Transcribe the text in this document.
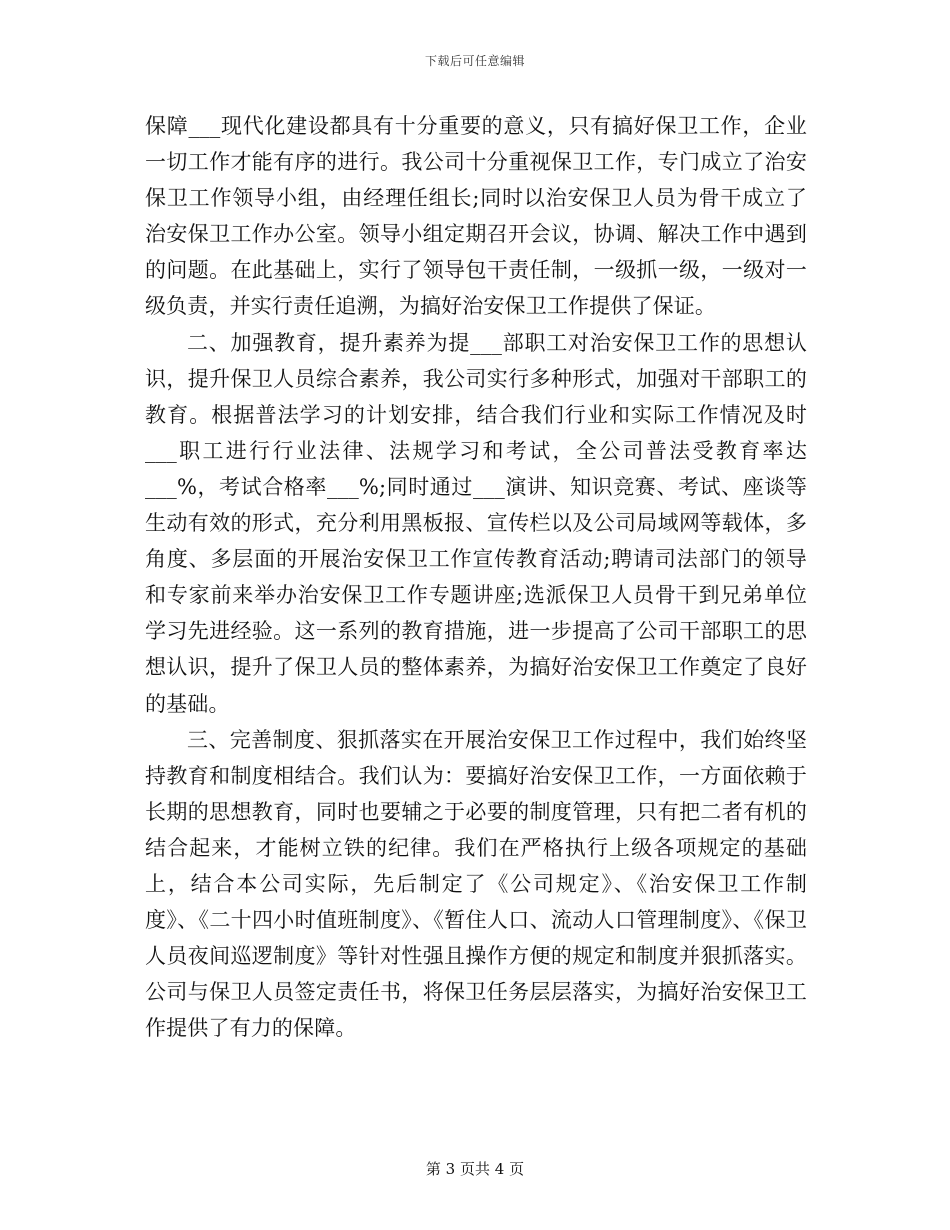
下载后可任意编辑

保障___现代化建设都具有十分重要的意义，只有搞好保卫工作，企业一切工作才能有序的进行。我公司十分重视保卫工作，专门成立了治安保卫工作领导小组，由经理任组长;同时以治安保卫人员为骨干成立了治安保卫工作办公室。领导小组定期召开会议，协调、解决工作中遇到的问题。在此基础上，实行了领导包干责任制，一级抓一级，一级对一级负责，并实行责任追溯，为搞好治安保卫工作提供了保证。

二、加强教育，提升素养为提___部职工对治安保卫工作的思想认识，提升保卫人员综合素养，我公司实行多种形式，加强对干部职工的教育。根据普法学习的计划安排，结合我们行业和实际工作情况及时___职工进行行业法律、法规学习和考试，全公司普法受教育率达___%，考试合格率___%;同时通过___演讲、知识竞赛、考试、座谈等生动有效的形式，充分利用黑板报、宣传栏以及公司局域网等载体，多角度、多层面的开展治安保卫工作宣传教育活动;聘请司法部门的领导和专家前来举办治安保卫工作专题讲座;选派保卫人员骨干到兄弟单位学习先进经验。这一系列的教育措施，进一步提高了公司干部职工的思想认识，提升了保卫人员的整体素养，为搞好治安保卫工作奠定了良好的基础。

三、完善制度、狠抓落实在开展治安保卫工作过程中，我们始终坚持教育和制度相结合。我们认为：要搞好治安保卫工作，一方面依赖于长期的思想教育，同时也要辅之于必要的制度管理，只有把二者有机的结合起来，才能树立铁的纪律。我们在严格执行上级各项规定的基础上，结合本公司实际，先后制定了《公司规定》、《治安保卫工作制度》、《二十四小时值班制度》、《暂住人口、流动人口管理制度》、《保卫人员夜间巡逻制度》等针对性强且操作方便的规定和制度并狠抓落实。公司与保卫人员签定责任书，将保卫任务层层落实，为搞好治安保卫工作提供了有力的保障。

第 3 页共 4 页
